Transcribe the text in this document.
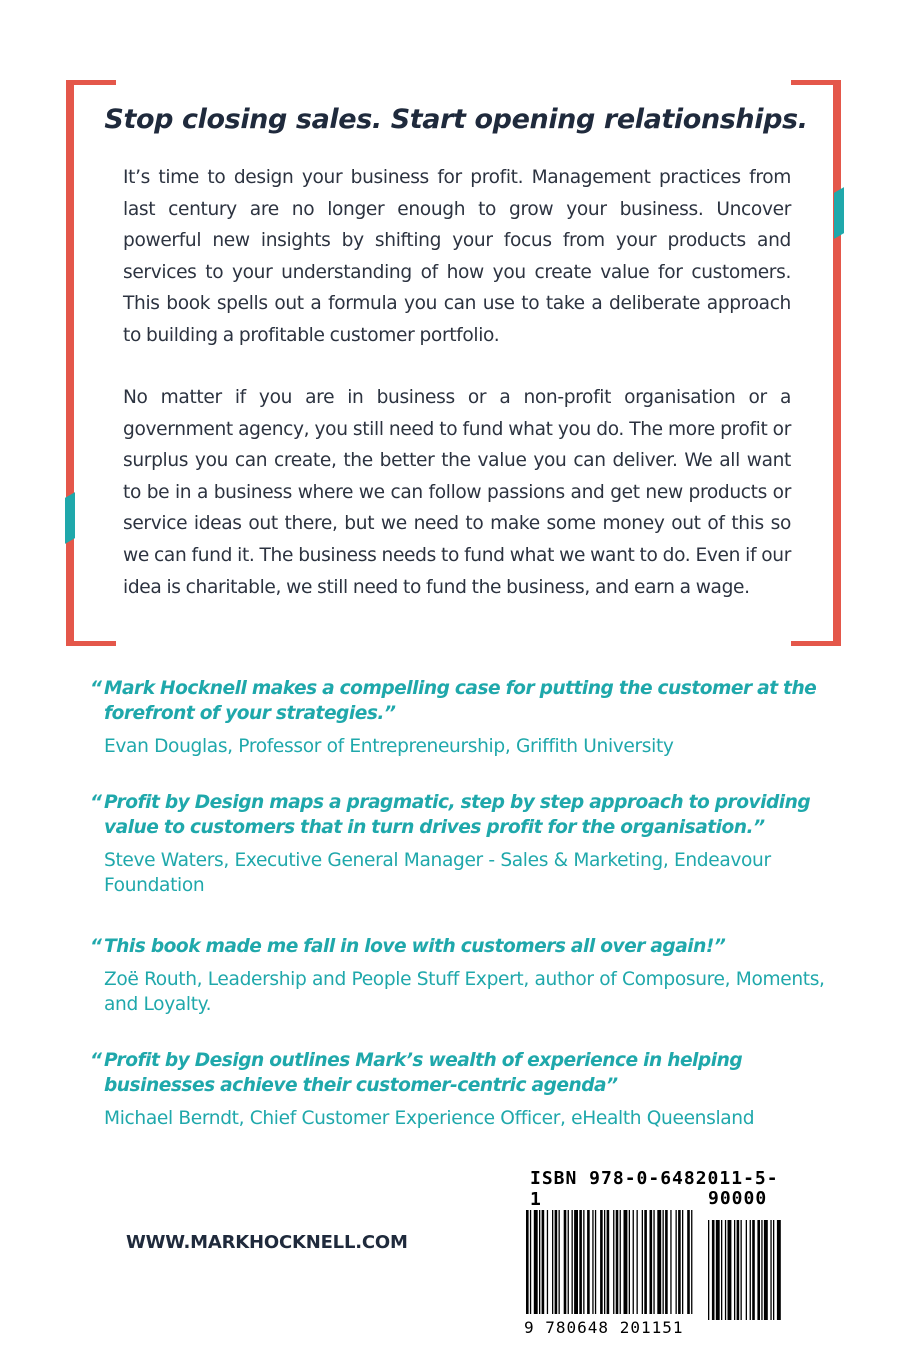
Stop closing sales. Start opening relationships.

It’s time to design your business for profit. Management practices from last century are no longer enough to grow your business. Uncover powerful new insights by shifting your focus from your products and services to your understanding of how you create value for customers. This book spells out a formula you can use to take a deliberate approach to building a profitable customer portfolio.

No matter if you are in business or a non-profit organisation or a government agency, you still need to fund what you do. The more profit or surplus you can create, the better the value you can deliver. We all want to be in a business where we can follow passions and get new products or service ideas out there, but we need to make some money out of this so we can fund it. The business needs to fund what we want to do. Even if our idea is charitable, we still need to fund the business, and earn a wage.

“ Mark Hocknell makes a compelling case for putting the customer at the forefront of your strategies.”
Evan Douglas, Professor of Entrepreneurship, Griffith University
“ Profit by Design maps a pragmatic, step by step approach to providing value to customers that in turn drives profit for the organisation.”
Steve Waters, Executive General Manager - Sales & Marketing, Endeavour Foundation
“ This book made me fall in love with customers all over again!”
Zoë Routh, Leadership and People Stuff Expert, author of Composure, Moments, and Loyalty.
“ Profit by Design outlines Mark’s wealth of experience in helping businesses achieve their customer-centric agenda”
Michael Berndt, Chief Customer Experience Officer, eHealth Queensland
WWW.MARKHOCKNELL.COM
ISBN 978-0-6482011-5-1	90000
9 780648 201151
